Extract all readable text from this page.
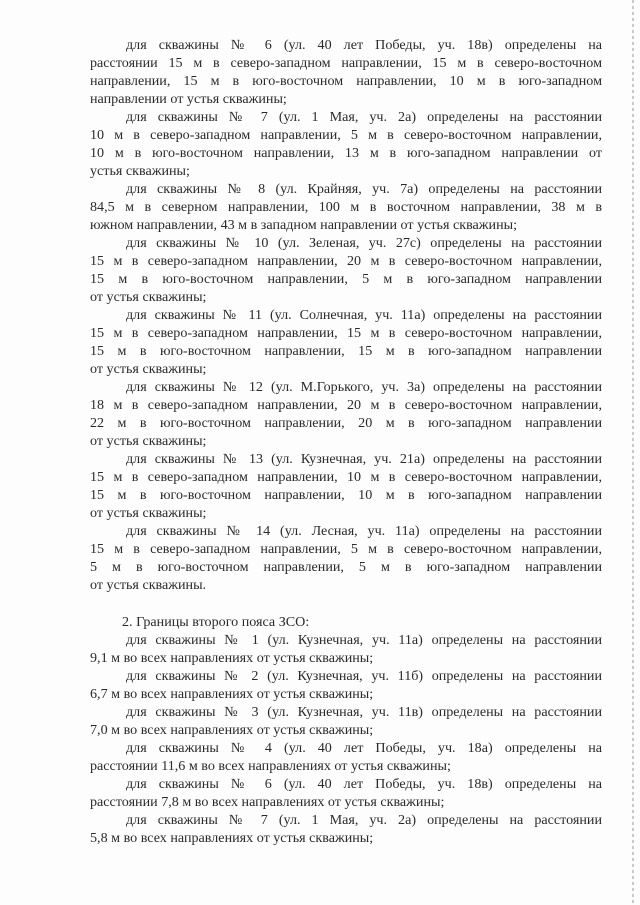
для скважины № 6 (ул. 40 лет Победы, уч. 18в) определены на
расстоянии 15 м в северо-западном направлении, 15 м в северо-восточном
направлении, 15 м в юго-восточном направлении, 10 м в юго-западном
направлении от устья скважины;
для скважины № 7 (ул. 1 Мая, уч. 2а) определены на расстоянии
10 м в северо-западном направлении, 5 м в северо-восточном направлении,
10 м в юго-восточном направлении, 13 м в юго-западном направлении от
устья скважины;
для скважины № 8 (ул. Крайняя, уч. 7а) определены на расстоянии
84,5 м в северном направлении, 100 м в восточном направлении, 38 м в
южном направлении, 43 м в западном направлении от устья скважины;
для скважины № 10 (ул. Зеленая, уч. 27с) определены на расстоянии
15 м в северо-западном направлении, 20 м в северо-восточном направлении,
15 м в юго-восточном направлении, 5 м в юго-западном направлении
от устья скважины;
для скважины № 11 (ул. Солнечная, уч. 11а) определены на расстоянии
15 м в северо-западном направлении, 15 м в северо-восточном направлении,
15 м в юго-восточном направлении, 15 м в юго-западном направлении
от устья скважины;
для скважины № 12 (ул. М.Горького, уч. 3а) определены на расстоянии
18 м в северо-западном направлении, 20 м в северо-восточном направлении,
22 м в юго-восточном направлении, 20 м в юго-западном направлении
от устья скважины;
для скважины № 13 (ул. Кузнечная, уч. 21а) определены на расстоянии
15 м в северо-западном направлении, 10 м в северо-восточном направлении,
15 м в юго-восточном направлении, 10 м в юго-западном направлении
от устья скважины;
для скважины № 14 (ул. Лесная, уч. 11а) определены на расстоянии
15 м в северо-западном направлении, 5 м в северо-восточном направлении,
5 м в юго-восточном направлении, 5 м в юго-западном направлении
от устья скважины.
2. Границы второго пояса ЗСО:
для скважины № 1 (ул. Кузнечная, уч. 11а) определены на расстоянии
9,1 м во всех направлениях от устья скважины;
для скважины № 2 (ул. Кузнечная, уч. 11б) определены на расстоянии
6,7 м во всех направлениях от устья скважины;
для скважины № 3 (ул. Кузнечная, уч. 11в) определены на расстоянии
7,0 м во всех направлениях от устья скважины;
для скважины № 4 (ул. 40 лет Победы, уч. 18а) определены на
расстоянии 11,6 м во всех направлениях от устья скважины;
для скважины № 6 (ул. 40 лет Победы, уч. 18в) определены на
расстоянии 7,8 м во всех направлениях от устья скважины;
для скважины № 7 (ул. 1 Мая, уч. 2а) определены на расстоянии
5,8 м во всех направлениях от устья скважины;
